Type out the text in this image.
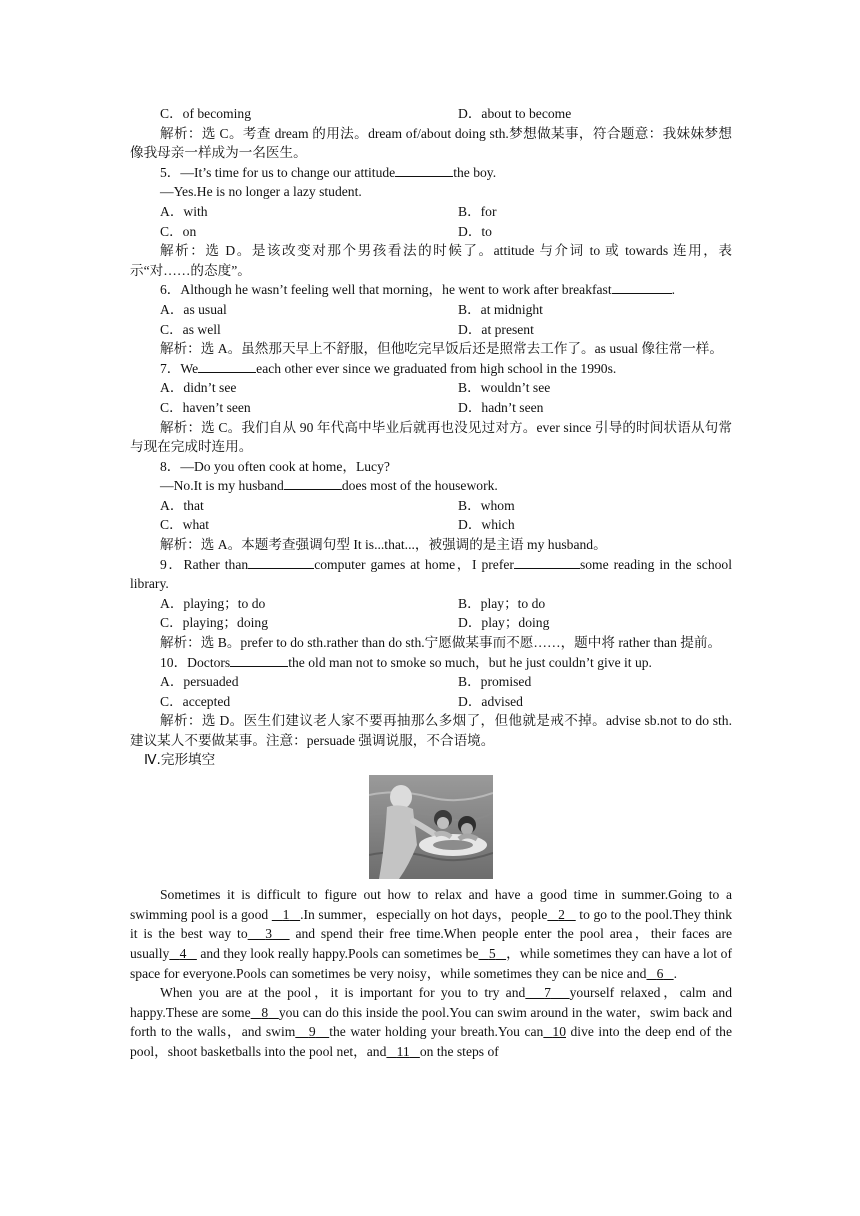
C．of becoming	D．about to become
解析：选 C。考查 dream 的用法。dream of/about doing sth.梦想做某事，符合题意：我妹妹梦想像我母亲一样成为一名医生。
5．—It’s time for us to change our attitude	the boy.
—Yes.He is no longer a lazy student.
A．with	B．for
C．on	D．to
解析：选 D。是该改变对那个男孩看法的时候了。attitude 与介词 to 或 towards 连用，表示“对……的态度”。
6．Although he wasn’t feeling well that morning，he went to work after breakfast	.
A．as usual	B．at midnight
C．as well	D．at present
解析：选 A。虽然那天早上不舒服，但他吃完早饭后还是照常去工作了。as usual 像往常一样。
7．We	each other ever since we graduated from high school in the 1990s.
A．didn’t see	B．wouldn’t see
C．haven’t seen	D．hadn’t seen
解析：选 C。我们自从 90 年代高中毕业后就再也没见过对方。ever since 引导的时间状语从句常与现在完成时连用。
8．—Do you often cook at home，Lucy?
—No.It is my husband	does most of the housework.
A．that	B．whom
C．what	D．which
解析：选 A。本题考查强调句型 It is...that...，被强调的是主语 my husband。
9．Rather than	computer games at home，I prefer	some reading in the school library.
A．playing；to do	B．play；to do
C．playing；doing	D．play；doing
解析：选 B。prefer to do sth.rather than do sth.宁愿做某事而不愿……，题中将 rather than 提前。
10．Doctors	the old man not to smoke so much，but he just couldn’t give it up.
A．persuaded	B．promised
C．accepted	D．advised
解析：选 D。医生们建议老人家不要再抽那么多烟了，但他就是戒不掉。advise sb.not to do sth.建议某人不要做某事。注意：persuade 强调说服，不合语境。
Ⅳ.完形填空
Sometimes it is difficult to figure out how to relax and have a good time in summer.Going to a swimming pool is a good    1 .In summer，especially on hot days，people 2    to go to the pool.They think it is the best way to 3    and spend their free time.When people enter the pool area，their faces are usually 4    and they look really happy.Pools can sometimes be 5 ，while sometimes they can have a lot of space for everyone.Pools can sometimes be very noisy，while sometimes they can be nice and 6 .
When you are at the pool，it is important for you to try and 7 yourself relaxed，calm and happy.These are some 8 you can do this inside the pool.You can swim around in the water，swim back and forth to the walls，and swim 9 the water holding your breath.You can 10 dive into the deep end of the pool，shoot basketballs into the pool net，and 11 on the steps of
